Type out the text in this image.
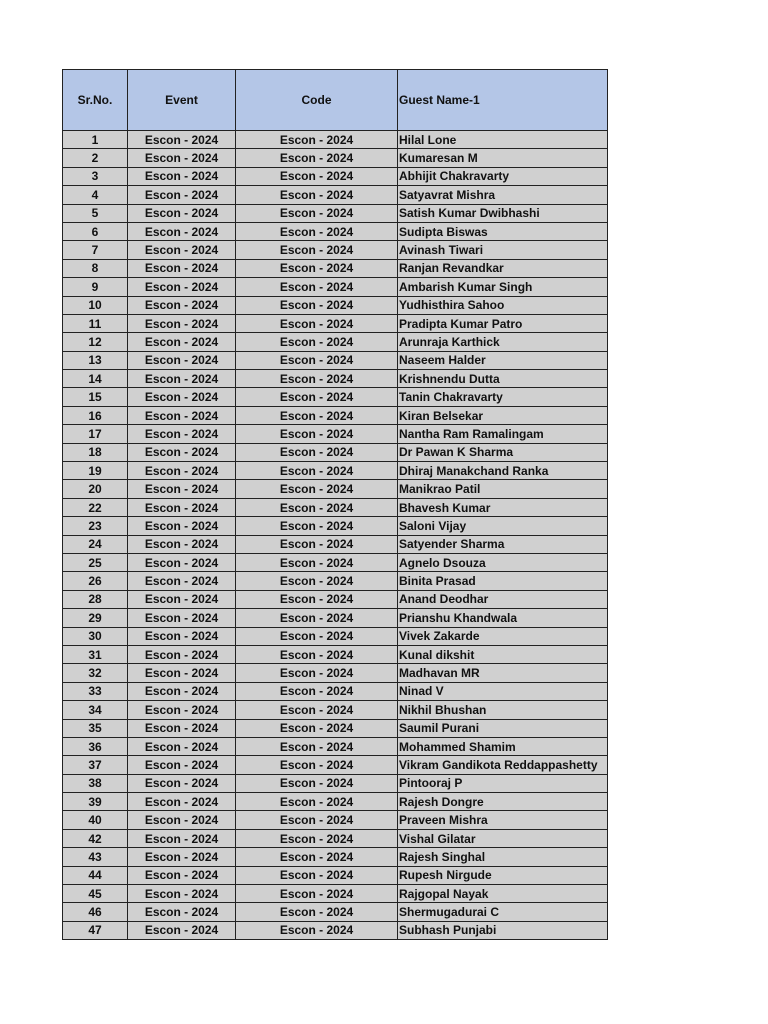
Sr.No.	Event	Code	Guest Name-1
1	Escon - 2024	Escon - 2024	Hilal Lone
2	Escon - 2024	Escon - 2024	Kumaresan M
3	Escon - 2024	Escon - 2024	Abhijit Chakravarty
4	Escon - 2024	Escon - 2024	Satyavrat Mishra
5	Escon - 2024	Escon - 2024	Satish Kumar Dwibhashi
6	Escon - 2024	Escon - 2024	Sudipta Biswas
7	Escon - 2024	Escon - 2024	Avinash Tiwari
8	Escon - 2024	Escon - 2024	Ranjan Revandkar
9	Escon - 2024	Escon - 2024	Ambarish Kumar Singh
10	Escon - 2024	Escon - 2024	Yudhisthira Sahoo
11	Escon - 2024	Escon - 2024	Pradipta Kumar Patro
12	Escon - 2024	Escon - 2024	Arunraja Karthick
13	Escon - 2024	Escon - 2024	Naseem Halder
14	Escon - 2024	Escon - 2024	Krishnendu Dutta
15	Escon - 2024	Escon - 2024	Tanin Chakravarty
16	Escon - 2024	Escon - 2024	Kiran Belsekar
17	Escon - 2024	Escon - 2024	Nantha Ram Ramalingam
18	Escon - 2024	Escon - 2024	Dr Pawan K Sharma
19	Escon - 2024	Escon - 2024	Dhiraj Manakchand Ranka
20	Escon - 2024	Escon - 2024	Manikrao Patil
22	Escon - 2024	Escon - 2024	Bhavesh Kumar
23	Escon - 2024	Escon - 2024	Saloni Vijay
24	Escon - 2024	Escon - 2024	Satyender Sharma
25	Escon - 2024	Escon - 2024	Agnelo Dsouza
26	Escon - 2024	Escon - 2024	Binita Prasad
28	Escon - 2024	Escon - 2024	Anand Deodhar
29	Escon - 2024	Escon - 2024	Prianshu Khandwala
30	Escon - 2024	Escon - 2024	Vivek Zakarde
31	Escon - 2024	Escon - 2024	Kunal dikshit
32	Escon - 2024	Escon - 2024	Madhavan MR
33	Escon - 2024	Escon - 2024	Ninad V
34	Escon - 2024	Escon - 2024	Nikhil Bhushan
35	Escon - 2024	Escon - 2024	Saumil Purani
36	Escon - 2024	Escon - 2024	Mohammed Shamim
37	Escon - 2024	Escon - 2024	Vikram Gandikota Reddappashetty
38	Escon - 2024	Escon - 2024	Pintooraj P
39	Escon - 2024	Escon - 2024	Rajesh Dongre
40	Escon - 2024	Escon - 2024	Praveen Mishra
42	Escon - 2024	Escon - 2024	Vishal Gilatar
43	Escon - 2024	Escon - 2024	Rajesh Singhal
44	Escon - 2024	Escon - 2024	Rupesh Nirgude
45	Escon - 2024	Escon - 2024	Rajgopal Nayak
46	Escon - 2024	Escon - 2024	Shermugadurai C
47	Escon - 2024	Escon - 2024	Subhash Punjabi
